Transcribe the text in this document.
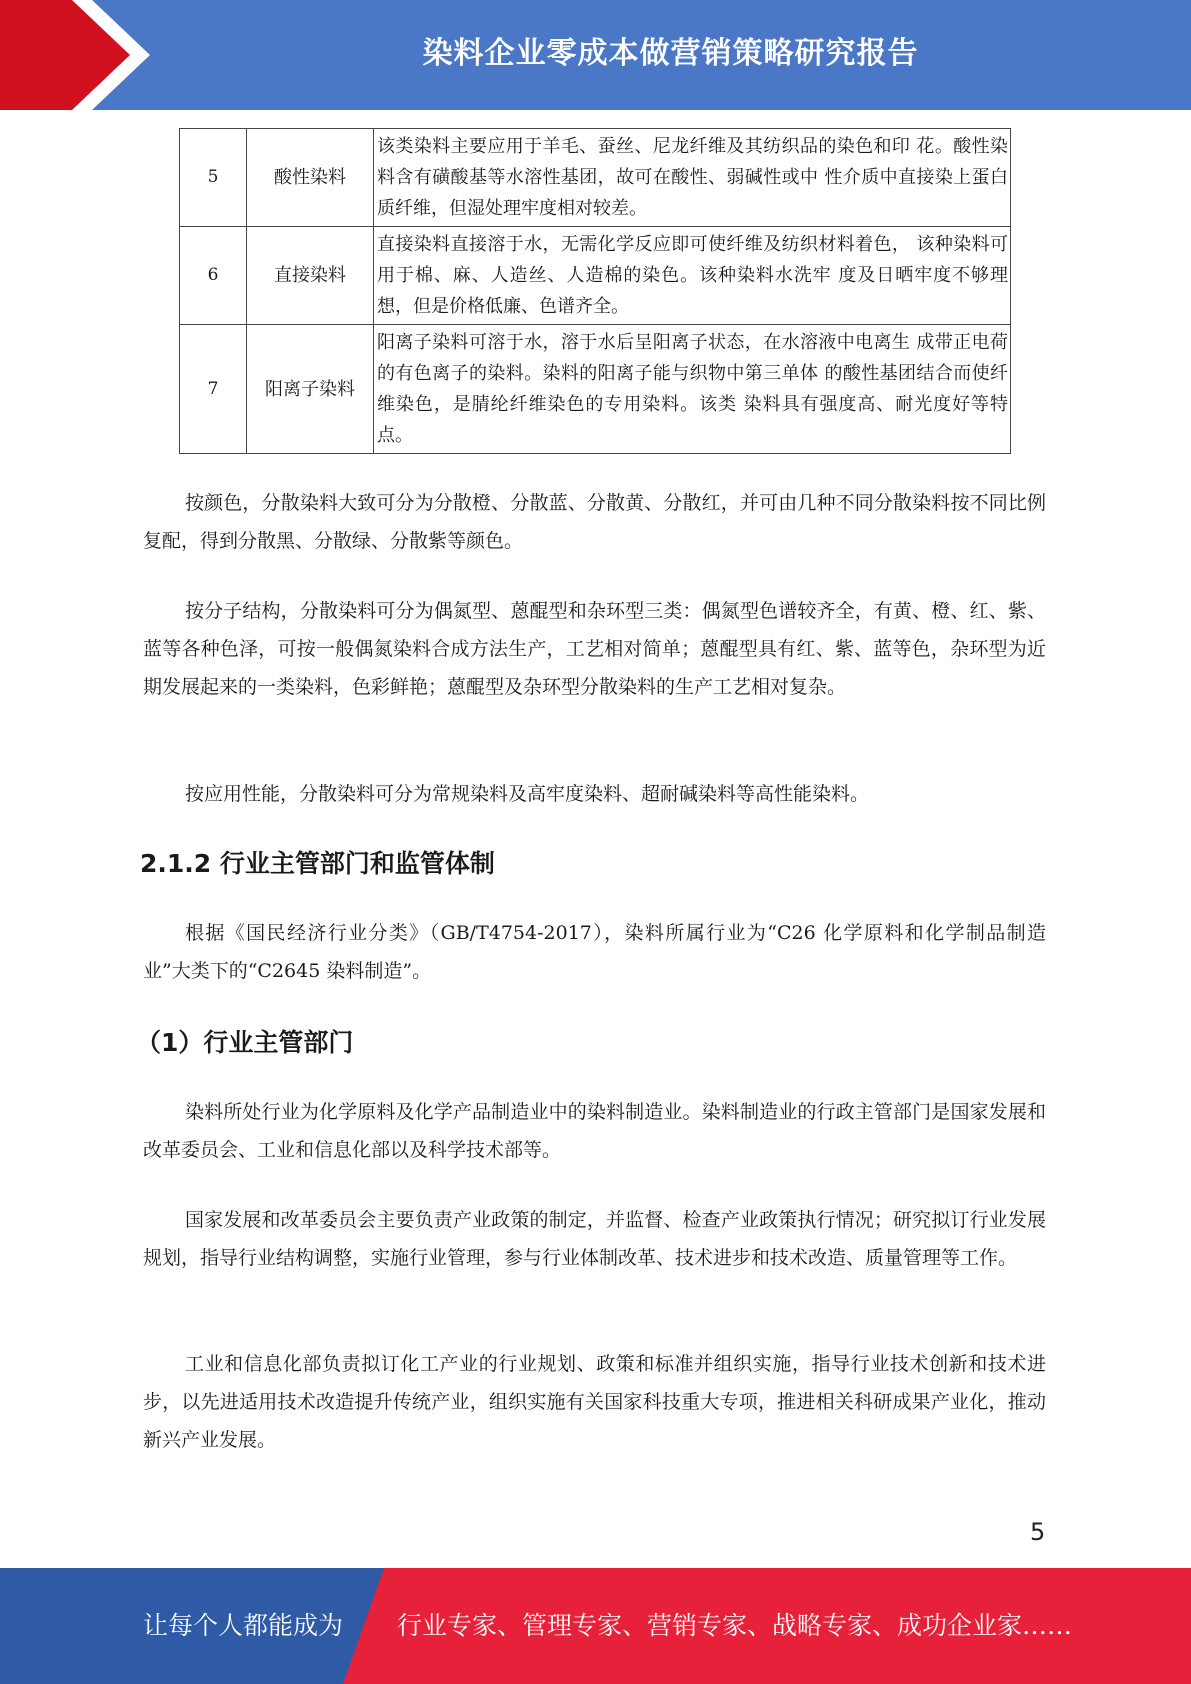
染料企业零成本做营销策略研究报告
5	酸性染料	该类染料主要应用于羊毛、蚕丝、尼龙纤维及其纺织品的染色和印 花。酸性染料含有磺酸基等水溶性基团，故可在酸性、弱碱性或中 性介质中直接染上蛋白质纤维，但湿处理牢度相对较差。
6	直接染料	直接染料直接溶于水，无需化学反应即可使纤维及纺织材料着色， 该种染料可用于棉、麻、人造丝、人造棉的染色。该种染料水洗牢 度及日晒牢度不够理想，但是价格低廉、色谱齐全。
7	阳离子染料	阳离子染料可溶于水，溶于水后呈阳离子状态，在水溶液中电离生 成带正电荷的有色离子的染料。染料的阳离子能与织物中第三单体 的酸性基团结合而使纤维染色，是腈纶纤维染色的专用染料。该类 染料具有强度高、耐光度好等特点。

按颜色，分散染料大致可分为分散橙、分散蓝、分散黄、分散红，并可由几种不同分散染料按不同比例复配，得到分散黑、分散绿、分散紫等颜色。

按分子结构，分散染料可分为偶氮型、蒽醌型和杂环型三类：偶氮型色谱较齐全，有黄、橙、红、紫、蓝等各种色泽，可按一般偶氮染料合成方法生产，工艺相对简单；蒽醌型具有红、紫、蓝等色，杂环型为近期发展起来的一类染料，色彩鲜艳；蒽醌型及杂环型分散染料的生产工艺相对复杂。

按应用性能，分散染料可分为常规染料及高牢度染料、超耐碱染料等高性能染料。

2.1.2 行业主管部门和监管体制

根据《国民经济行业分类》（GB/T4754-2017），染料所属行业为“C26 化学原料和化学制品制造业”大类下的“C2645 染料制造”。

（1）行业主管部门

染料所处行业为化学原料及化学产品制造业中的染料制造业。染料制造业的行政主管部门是国家发展和改革委员会、工业和信息化部以及科学技术部等。

国家发展和改革委员会主要负责产业政策的制定，并监督、检查产业政策执行情况；研究拟订行业发展规划，指导行业结构调整，实施行业管理，参与行业体制改革、技术进步和技术改造、质量管理等工作。

工业和信息化部负责拟订化工产业的行业规划、政策和标准并组织实施，指导行业技术创新和技术进步，以先进适用技术改造提升传统产业，组织实施有关国家科技重大专项，推进相关科研成果产业化，推动新兴产业发展。

5
让每个人都能成为 行业专家、管理专家、营销专家、战略专家、成功企业家……
